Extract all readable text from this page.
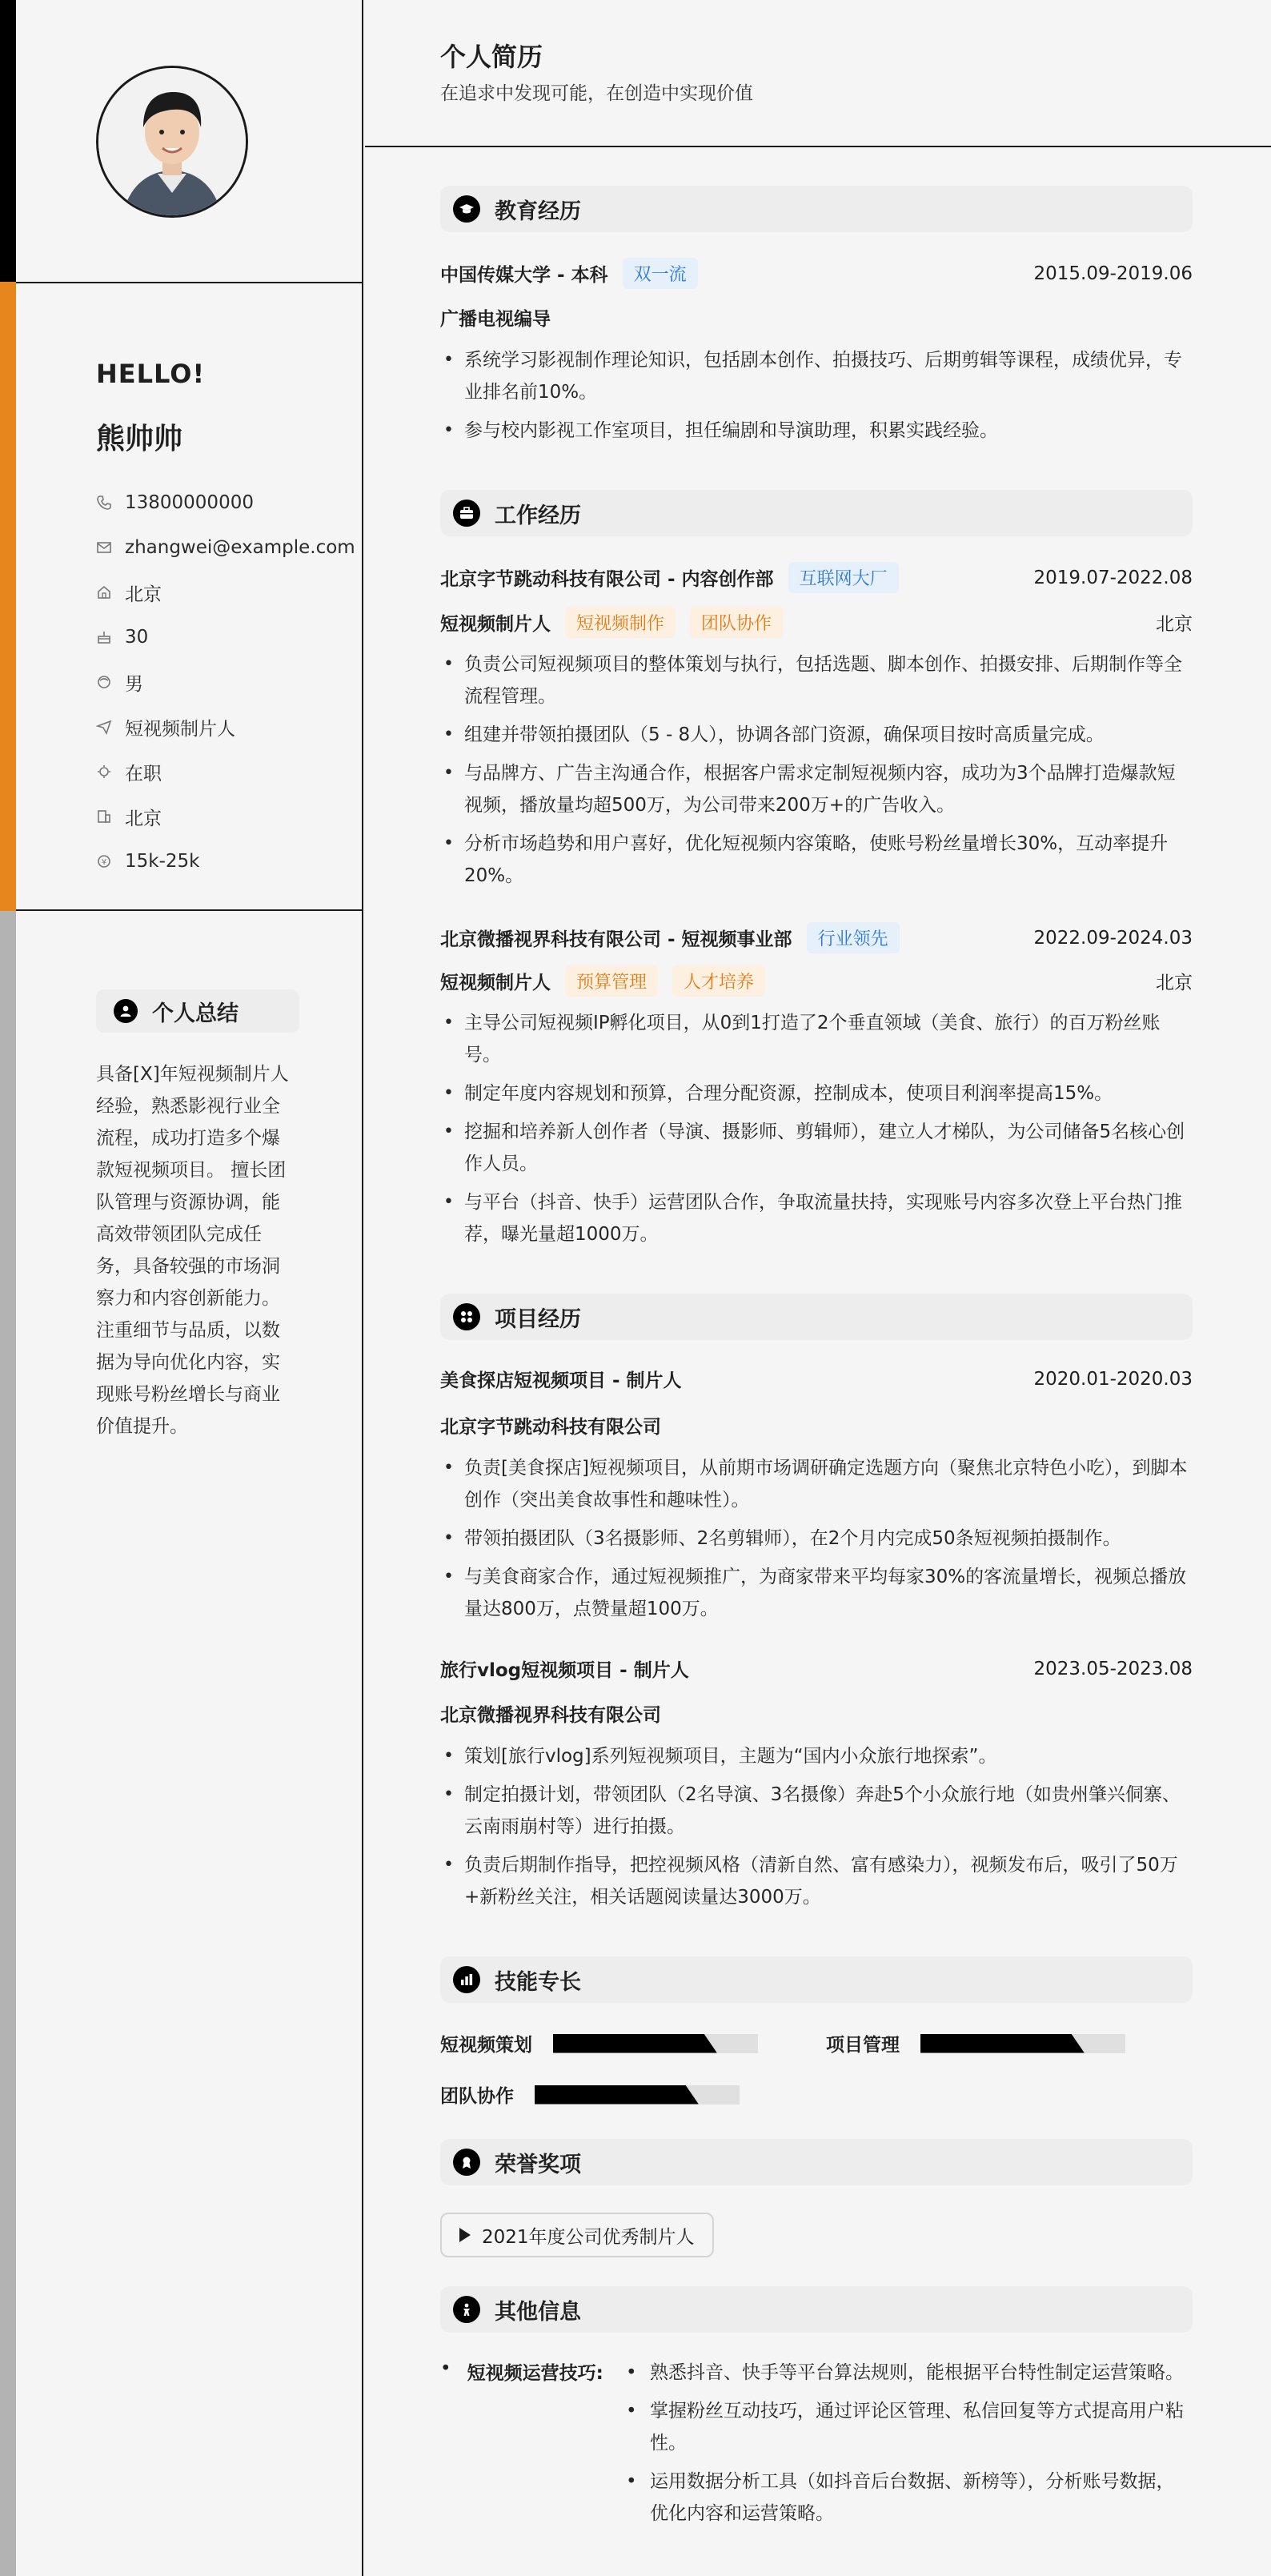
HELLO!
熊帅帅
13800000000
zhangwei@example.com
北京
30
男
短视频制片人
在职
北京
¥ 15k-25k
个人总结
具备[X]年短视频制片人经验，熟悉影视行业全流程，成功打造多个爆款短视频项目。 擅长团队管理与资源协调，能高效带领团队完成任务，具备较强的市场洞察力和内容创新能力。 注重细节与品质，以数据为导向优化内容，实现账号粉丝增长与商业价值提升。
个人简历
在追求中发现可能，在创造中实现价值
教育经历
中国传媒大学 - 本科	双一流	2015.09-2019.06
广播电视编导
• 系统学习影视制作理论知识，包括剧本创作、拍摄技巧、后期剪辑等课程，成绩优异，专业排名前10%。
• 参与校内影视工作室项目，担任编剧和导演助理，积累实践经验。
工作经历
北京字节跳动科技有限公司 - 内容创作部	互联网大厂	2019.07-2022.08
短视频制片人	短视频制作	团队协作	北京
• 负责公司短视频项目的整体策划与执行，包括选题、脚本创作、拍摄安排、后期制作等全流程管理。
• 组建并带领拍摄团队（5 - 8人），协调各部门资源，确保项目按时高质量完成。
• 与品牌方、广告主沟通合作，根据客户需求定制短视频内容，成功为3个品牌打造爆款短视频，播放量均超500万，为公司带来200万+的广告收入。
• 分析市场趋势和用户喜好，优化短视频内容策略，使账号粉丝量增长30%，互动率提升20%。
北京微播视界科技有限公司 - 短视频事业部	行业领先	2022.09-2024.03
短视频制片人	预算管理	人才培养	北京
• 主导公司短视频IP孵化项目，从0到1打造了2个垂直领域（美食、旅行）的百万粉丝账号。
• 制定年度内容规划和预算，合理分配资源，控制成本，使项目利润率提高15%。
• 挖掘和培养新人创作者（导演、摄影师、剪辑师），建立人才梯队，为公司储备5名核心创作人员。
• 与平台（抖音、快手）运营团队合作，争取流量扶持，实现账号内容多次登上平台热门推荐，曝光量超1000万。
项目经历
美食探店短视频项目 - 制片人	2020.01-2020.03
北京字节跳动科技有限公司
• 负责[美食探店]短视频项目，从前期市场调研确定选题方向（聚焦北京特色小吃），到脚本创作（突出美食故事性和趣味性）。
• 带领拍摄团队（3名摄影师、2名剪辑师），在2个月内完成50条短视频拍摄制作。
• 与美食商家合作，通过短视频推广，为商家带来平均每家30%的客流量增长，视频总播放量达800万，点赞量超100万。
旅行vlog短视频项目 - 制片人	2023.05-2023.08
北京微播视界科技有限公司
• 策划[旅行vlog]系列短视频项目，主题为“国内小众旅行地探索”。
• 制定拍摄计划，带领团队（2名导演、3名摄像）奔赴5个小众旅行地（如贵州肇兴侗寨、云南雨崩村等）进行拍摄。
• 负责后期制作指导，把控视频风格（清新自然、富有感染力），视频发布后，吸引了50万+新粉丝关注，相关话题阅读量达3000万。
技能专长
短视频策划	项目管理
团队协作
荣誉奖项
2021年度公司优秀制片人
其他信息
• 短视频运营技巧:
•	熟悉抖音、快手等平台算法规则，能根据平台特性制定运营策略。
• 掌握粉丝互动技巧，通过评论区管理、私信回复等方式提高用户粘性。
• 运用数据分析工具（如抖音后台数据、新榜等），分析账号数据，优化内容和运营策略。
